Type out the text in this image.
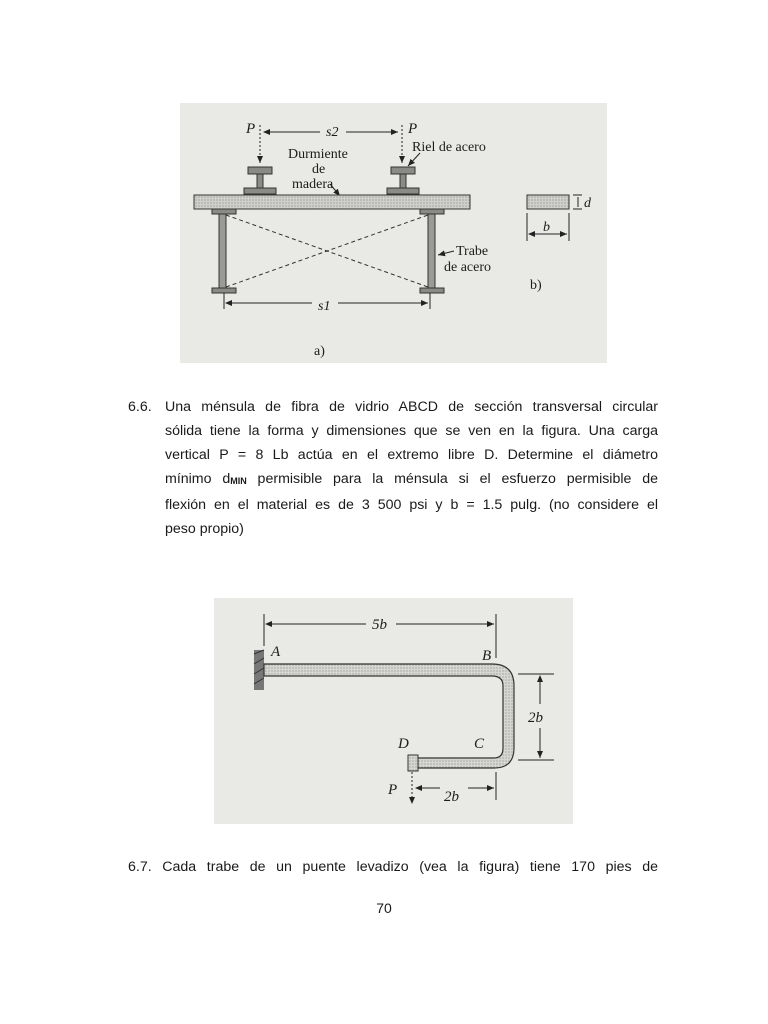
P	P
s2
Durmiente
de
madera
Riel de acero
Trabe
de acero
s1
a)
d
b
b)
6.6. Una ménsula de fibra de vidrio ABCD de sección transversal circular
sólida tiene la forma y dimensiones que se ven en la figura. Una carga
vertical P = 8 Lb actúa en el extremo libre D. Determine el diámetro
mínimo $d_{MIN}$ permisible para la ménsula si el esfuerzo permisible de
flexión en el material es de 3 500 psi y b = 1.5 pulg. (no considere el
peso propio)
A	B
C
D
P
5b
2b
2b
6.7. Cada trabe de un puente levadizo (vea la figura) tiene 170 pies de
70
